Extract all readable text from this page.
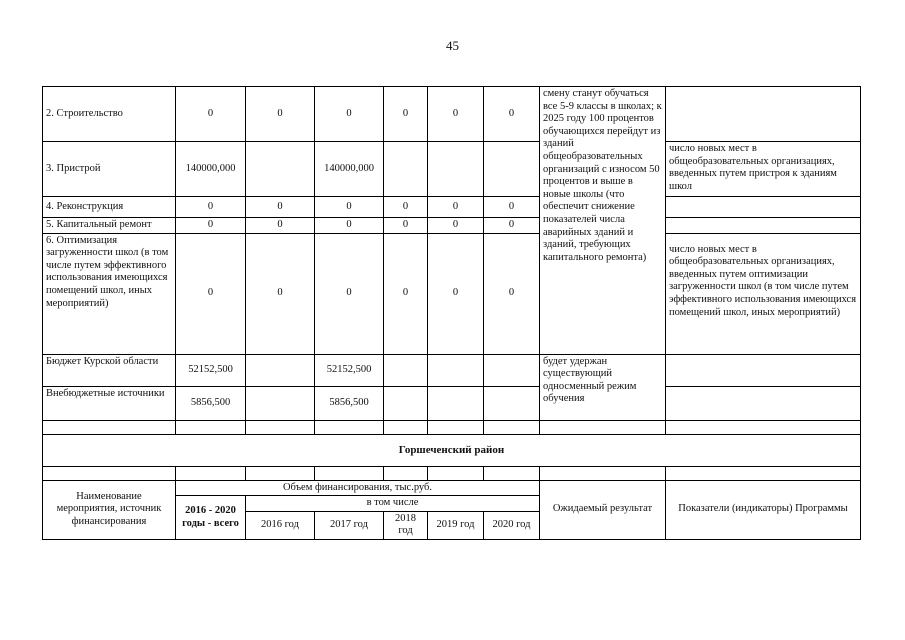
45
2. Строительство	0	0	0	0	0	0	смену станут обучаться все 5-9 классы в школах; к 2025 году 100 процентов обучающихся перейдут из зданий общеобразовательных организаций с износом 50 процентов и выше в новые школы (что обеспечит снижение показателей числа аварийных зданий и зданий, требующих капитального ремонта)	
3. Пристрой	140000,000		140000,000					число новых мест в общеобразовательных организациях, введенных путем пристроя к зданиям школ
4. Реконструкция	0	0	0	0	0	0		
5. Капитальный ремонт	0	0	0	0	0	0		
6. Оптимизация загруженности школ (в том числе путем эффективного использования имеющихся помещений школ, иных мероприятий)	0	0	0	0	0	0		число новых мест в общеобразовательных организациях, введенных путем оптимизации загруженности школ (в том числе путем эффективного использования имеющихся помещений школ, иных мероприятий)
Бюджет Курской области	52152,500		52152,500				будет удержан существующий односменный режим обучения	
Внебюджетные источники	5856,500		5856,500					

Горшеченский район								

Наименование мероприятия, источник финансирования	Объем финансирования, тыс.руб.						Ожидаемый результат	Показатели (индикаторы) Программы
	2016 - 2020 годы - всего	в том числе						
		2016 год	2017 год	2018 год	2019 год	2020 год		
